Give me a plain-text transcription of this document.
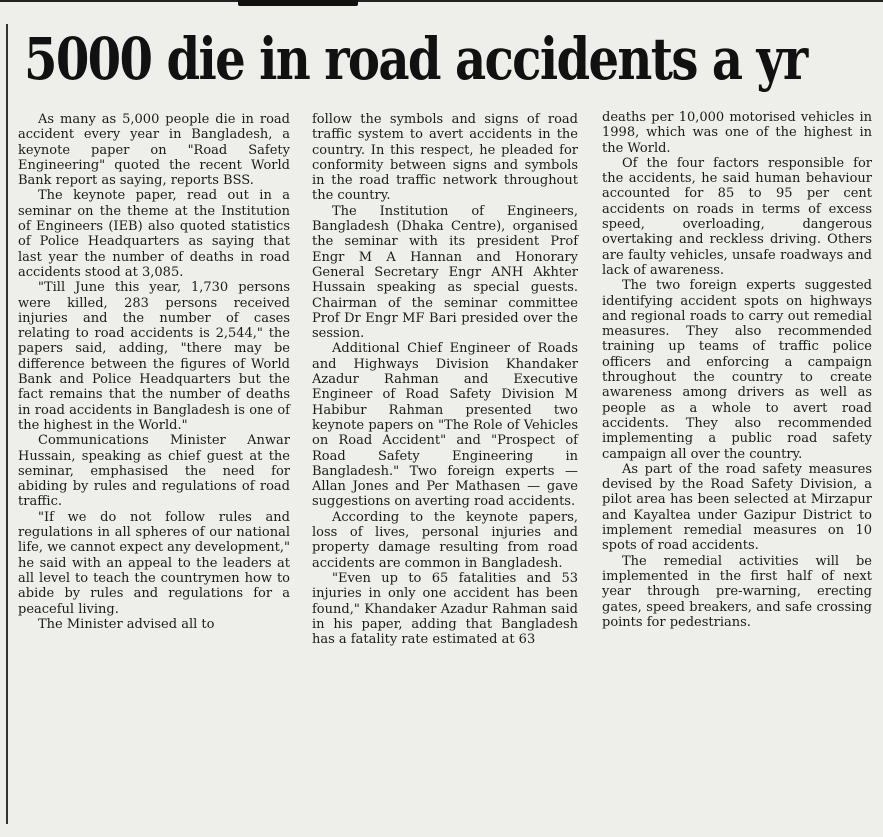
5000 die in road accidents a yr

As many as 5,000 people die in road accident every year in Bangladesh, a keynote paper on "Road Safety Engineering" quoted the recent World Bank report as saying, reports BSS.

The keynote paper, read out in a seminar on the theme at the Institution of Engineers (IEB) also quoted statistics of Police Headquarters as saying that last year the number of deaths in road accidents stood at 3,085.

"Till June this year, 1,730 persons were killed, 283 persons received injuries and the number of cases relating to road accidents is 2,544," the papers said, adding, "there may be difference between the figures of World Bank and Police Headquarters but the fact remains that the number of deaths in road accidents in Bangladesh is one of the highest in the World."

Communications Minister Anwar Hussain, speaking as chief guest at the seminar, emphasised the need for abiding by rules and regulations of road traffic.

"If we do not follow rules and regulations in all spheres of our national life, we cannot expect any development," he said with an appeal to the leaders at all level to teach the countrymen how to abide by rules and regulations for a peaceful living.

The Minister advised all to

follow the symbols and signs of road traffic system to avert accidents in the country. In this respect, he pleaded for conformity between signs and symbols in the road traffic network throughout the country.

The Institution of Engineers, Bangladesh (Dhaka Centre), organised the seminar with its president Prof Engr M A Hannan and Honorary General Secretary Engr ANH Akhter Hussain speaking as special guests. Chairman of the seminar committee Prof Dr Engr MF Bari presided over the session.

Additional Chief Engineer of Roads and Highways Division Khandaker Azadur Rahman and Executive Engineer of Road Safety Division M Habibur Rahman presented two keynote papers on "The Role of Vehicles on Road Accident" and "Prospect of Road Safety Engineering in Bangladesh." Two foreign experts — Allan Jones and Per Mathasen — gave suggestions on averting road accidents.

According to the keynote papers, loss of lives, personal injuries and property damage resulting from road accidents are common in Bangladesh.

"Even up to 65 fatalities and 53 injuries in only one accident has been found," Khandaker Azadur Rahman said in his paper, adding that Bangladesh has a fatality rate estimated at 63

deaths per 10,000 motorised vehicles in 1998, which was one of the highest in the World.

Of the four factors responsible for the accidents, he said human behaviour accounted for 85 to 95 per cent accidents on roads in terms of excess speed, overloading, dangerous overtaking and reckless driving. Others are faulty vehicles, unsafe roadways and lack of awareness.

The two foreign experts suggested identifying accident spots on highways and regional roads to carry out remedial measures. They also recommended training up teams of traffic police officers and enforcing a campaign throughout the country to create awareness among drivers as well as people as a whole to avert road accidents. They also recommended implementing a public road safety campaign all over the country.

As part of the road safety measures devised by the Road Safety Division, a pilot area has been selected at Mirzapur and Kayaltea under Gazipur District to implement remedial measures on 10 spots of road accidents.

The remedial activities will be implemented in the first half of next year through pre-warning, erecting gates, speed breakers, and safe crossing points for pedestrians.
